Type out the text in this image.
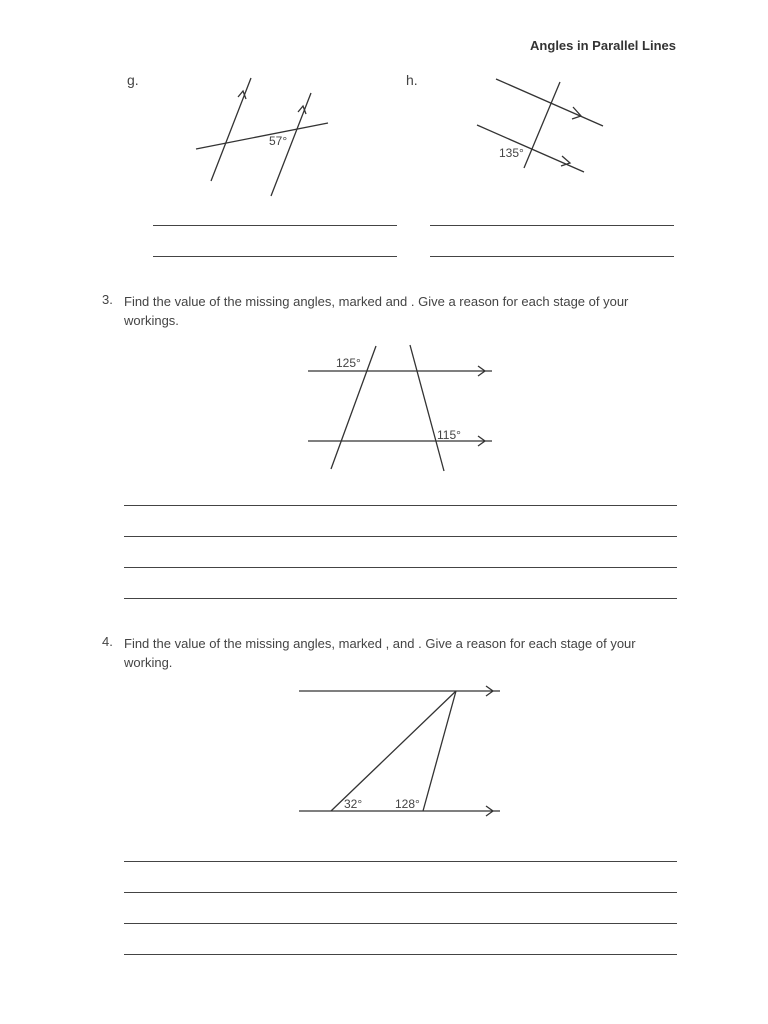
Angles in Parallel Lines
g.
57°
h.
135°
3. Find the value of the missing angles, marked and . Give a reason for each stage of your workings.
125°
115°
4. Find the value of the missing angles, marked , and . Give a reason for each stage of your working.
32°	128°
